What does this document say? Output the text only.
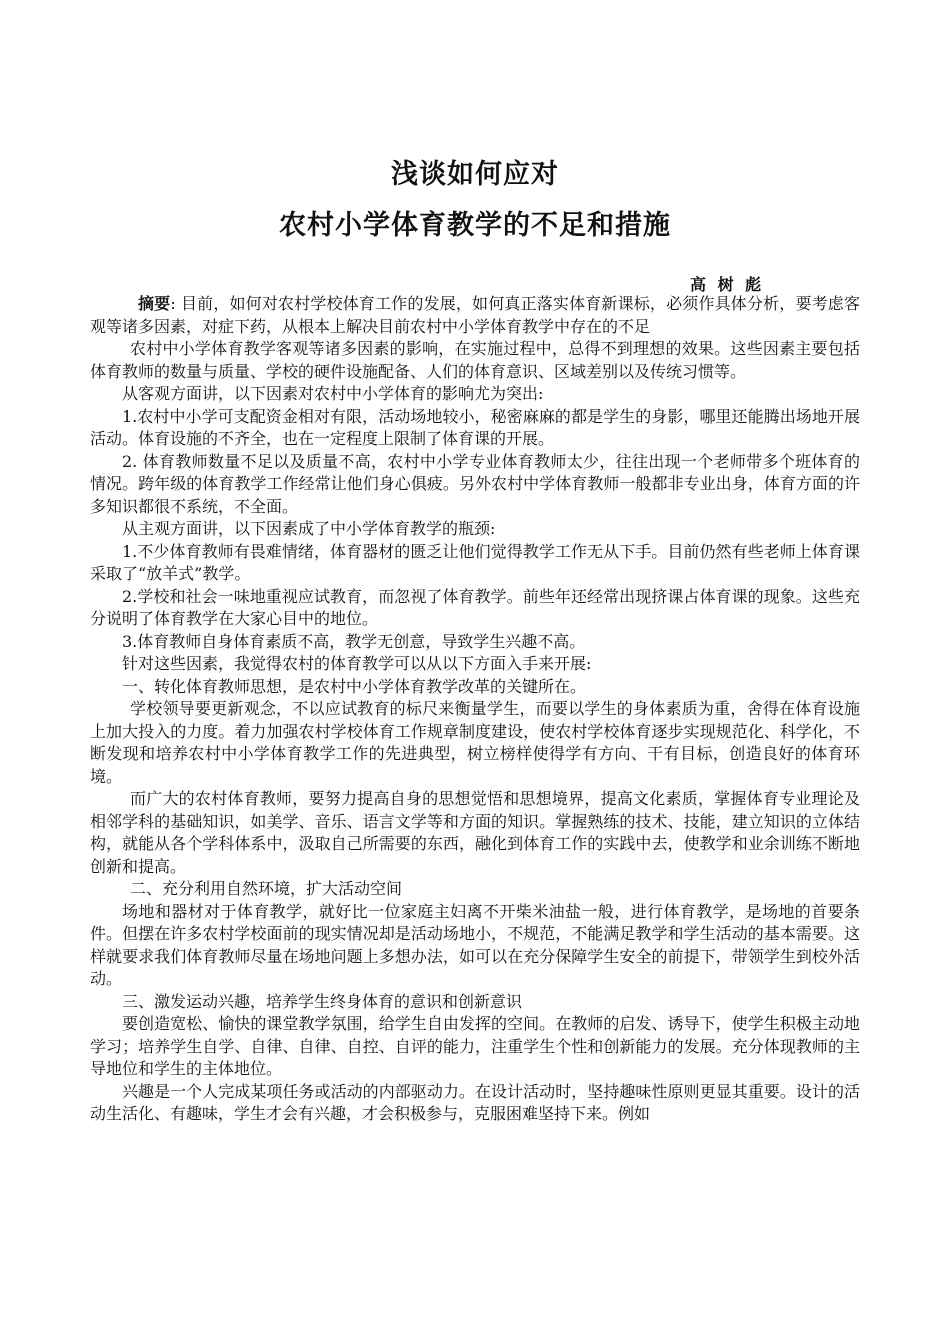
浅谈如何应对
农村小学体育教学的不足和措施

高 树 彪

摘要: 目前，如何对农村学校体育工作的发展，如何真正落实体育新课标，必须作具体分析，要考虑客观等诸多因素，对症下药，从根本上解决目前农村中小学体育教学中存在的不足

农村中小学体育教学客观等诸多因素的影响，在实施过程中，总得不到理想的效果。这些因素主要包括体育教师的数量与质量、学校的硬件设施配备、人们的体育意识、区域差别以及传统习惯等。

从客观方面讲，以下因素对农村中小学体育的影响尤为突出:

1.农村中小学可支配资金相对有限，活动场地较小，秘密麻麻的都是学生的身影，哪里还能腾出场地开展活动。体育设施的不齐全，也在一定程度上限制了体育课的开展。

2. 体育教师数量不足以及质量不高，农村中小学专业体育教师太少，往往出现一个老师带多个班体育的情况。跨年级的体育教学工作经常让他们身心俱疲。另外农村中学体育教师一般都非专业出身，体育方面的许多知识都很不系统，不全面。

从主观方面讲，以下因素成了中小学体育教学的瓶颈:

1.不少体育教师有畏难情绪，体育器材的匮乏让他们觉得教学工作无从下手。目前仍然有些老师上体育课采取了“放羊式”教学。

2.学校和社会一味地重视应试教育，而忽视了体育教学。前些年还经常出现挤课占体育课的现象。这些充分说明了体育教学在大家心目中的地位。

3.体育教师自身体育素质不高，教学无创意，导致学生兴趣不高。

针对这些因素，我觉得农村的体育教学可以从以下方面入手来开展:

一、转化体育教师思想，是农村中小学体育教学改革的关键所在。

学校领导要更新观念，不以应试教育的标尺来衡量学生，而要以学生的身体素质为重，舍得在体育设施上加大投入的力度。着力加强农村学校体育工作规章制度建设，使农村学校体育逐步实现规范化、科学化，不断发现和培养农村中小学体育教学工作的先进典型，树立榜样使得学有方向、干有目标，创造良好的体育环境。

而广大的农村体育教师，要努力提高自身的思想觉悟和思想境界，提高文化素质，掌握体育专业理论及相邻学科的基础知识，如美学、音乐、语言文学等和方面的知识。掌握熟练的技术、技能，建立知识的立体结构，就能从各个学科体系中，汲取自己所需要的东西，融化到体育工作的实践中去，使教学和业余训练不断地创新和提高。

二、充分利用自然环境，扩大活动空间

场地和器材对于体育教学，就好比一位家庭主妇离不开柴米油盐一般，进行体育教学，是场地的首要条件。但摆在许多农村学校面前的现实情况却是活动场地小，不规范，不能满足教学和学生活动的基本需要。这样就要求我们体育教师尽量在场地问题上多想办法，如可以在充分保障学生安全的前提下，带领学生到校外活动。

三、激发运动兴趣，培养学生终身体育的意识和创新意识

要创造宽松、愉快的课堂教学氛围，给学生自由发挥的空间。在教师的启发、诱导下，使学生积极主动地学习；培养学生自学、自律、自律、自控、自评的能力，注重学生个性和创新能力的发展。充分体现教师的主导地位和学生的主体地位。

兴趣是一个人完成某项任务或活动的内部驱动力。在设计活动时，坚持趣味性原则更显其重要。设计的活动生活化、有趣味，学生才会有兴趣，才会积极参与，克服困难坚持下来。例如
